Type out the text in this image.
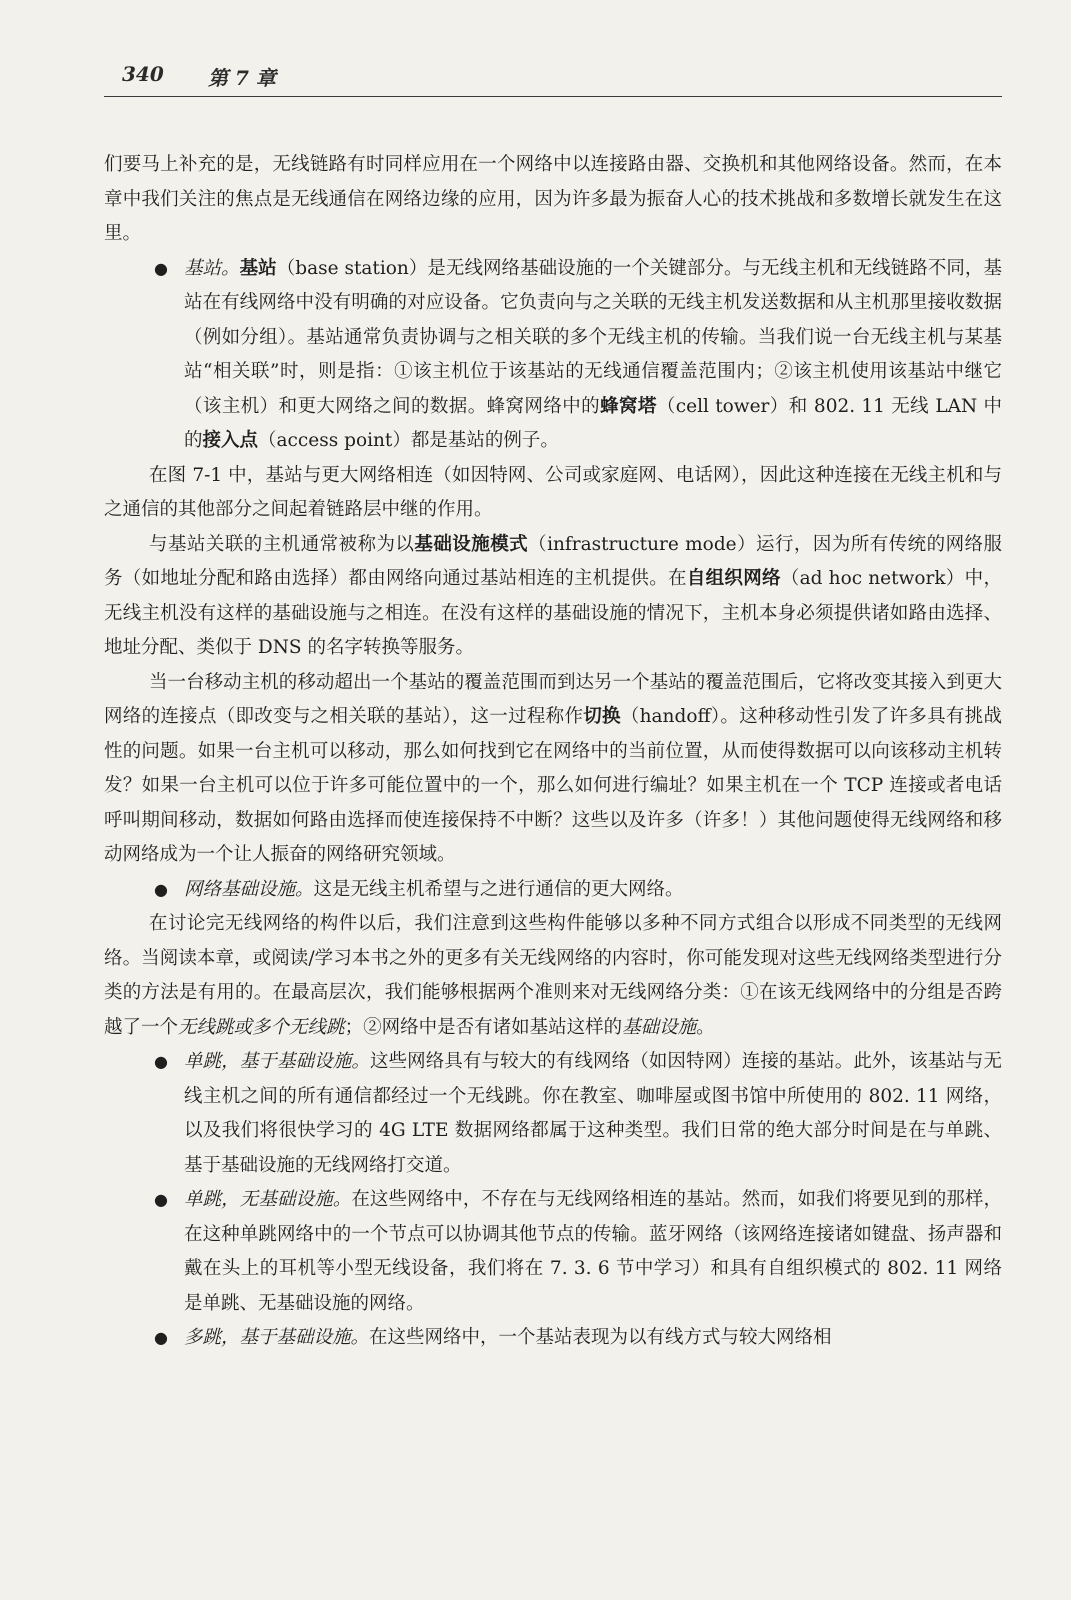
340 第 7 章

们要马上补充的是，无线链路有时同样应用在一个网络中以连接路由器、交换机和其他网络设备。然而，在本章中我们关注的焦点是无线通信在网络边缘的应用，因为许多最为振奋人心的技术挑战和多数增长就发生在这里。

● 基站。基站（base station）是无线网络基础设施的一个关键部分。与无线主机和无线链路不同，基站在有线网络中没有明确的对应设备。它负责向与之关联的无线主机发送数据和从主机那里接收数据（例如分组）。基站通常负责协调与之相关联的多个无线主机的传输。当我们说一台无线主机与某基站“相关联”时，则是指：①该主机位于该基站的无线通信覆盖范围内；②该主机使用该基站中继它（该主机）和更大网络之间的数据。蜂窝网络中的蜂窝塔（cell tower）和 802. 11 无线 LAN 中的接入点（access point）都是基站的例子。

在图 7-1 中，基站与更大网络相连（如因特网、公司或家庭网、电话网），因此这种连接在无线主机和与之通信的其他部分之间起着链路层中继的作用。

与基站关联的主机通常被称为以基础设施模式（infrastructure mode）运行，因为所有传统的网络服务（如地址分配和路由选择）都由网络向通过基站相连的主机提供。在自组织网络（ad hoc network）中，无线主机没有这样的基础设施与之相连。在没有这样的基础设施的情况下，主机本身必须提供诸如路由选择、地址分配、类似于 DNS 的名字转换等服务。

当一台移动主机的移动超出一个基站的覆盖范围而到达另一个基站的覆盖范围后，它将改变其接入到更大网络的连接点（即改变与之相关联的基站），这一过程称作切换（handoff）。这种移动性引发了许多具有挑战性的问题。如果一台主机可以移动，那么如何找到它在网络中的当前位置，从而使得数据可以向该移动主机转发？如果一台主机可以位于许多可能位置中的一个，那么如何进行编址？如果主机在一个 TCP 连接或者电话呼叫期间移动，数据如何路由选择而使连接保持不中断？这些以及许多（许多！）其他问题使得无线网络和移动网络成为一个让人振奋的网络研究领域。

● 网络基础设施。这是无线主机希望与之进行通信的更大网络。

在讨论完无线网络的构件以后，我们注意到这些构件能够以多种不同方式组合以形成不同类型的无线网络。当阅读本章，或阅读/学习本书之外的更多有关无线网络的内容时，你可能发现对这些无线网络类型进行分类的方法是有用的。在最高层次，我们能够根据两个准则来对无线网络分类：①在该无线网络中的分组是否跨越了一个无线跳或多个无线跳；②网络中是否有诸如基站这样的基础设施。

● 单跳，基于基础设施。这些网络具有与较大的有线网络（如因特网）连接的基站。此外，该基站与无线主机之间的所有通信都经过一个无线跳。你在教室、咖啡屋或图书馆中所使用的 802. 11 网络，以及我们将很快学习的 4G LTE 数据网络都属于这种类型。我们日常的绝大部分时间是在与单跳、基于基础设施的无线网络打交道。

● 单跳，无基础设施。在这些网络中，不存在与无线网络相连的基站。然而，如我们将要见到的那样，在这种单跳网络中的一个节点可以协调其他节点的传输。蓝牙网络（该网络连接诸如键盘、扬声器和戴在头上的耳机等小型无线设备，我们将在 7. 3. 6 节中学习）和具有自组织模式的 802. 11 网络是单跳、无基础设施的网络。

● 多跳，基于基础设施。在这些网络中，一个基站表现为以有线方式与较大网络相
